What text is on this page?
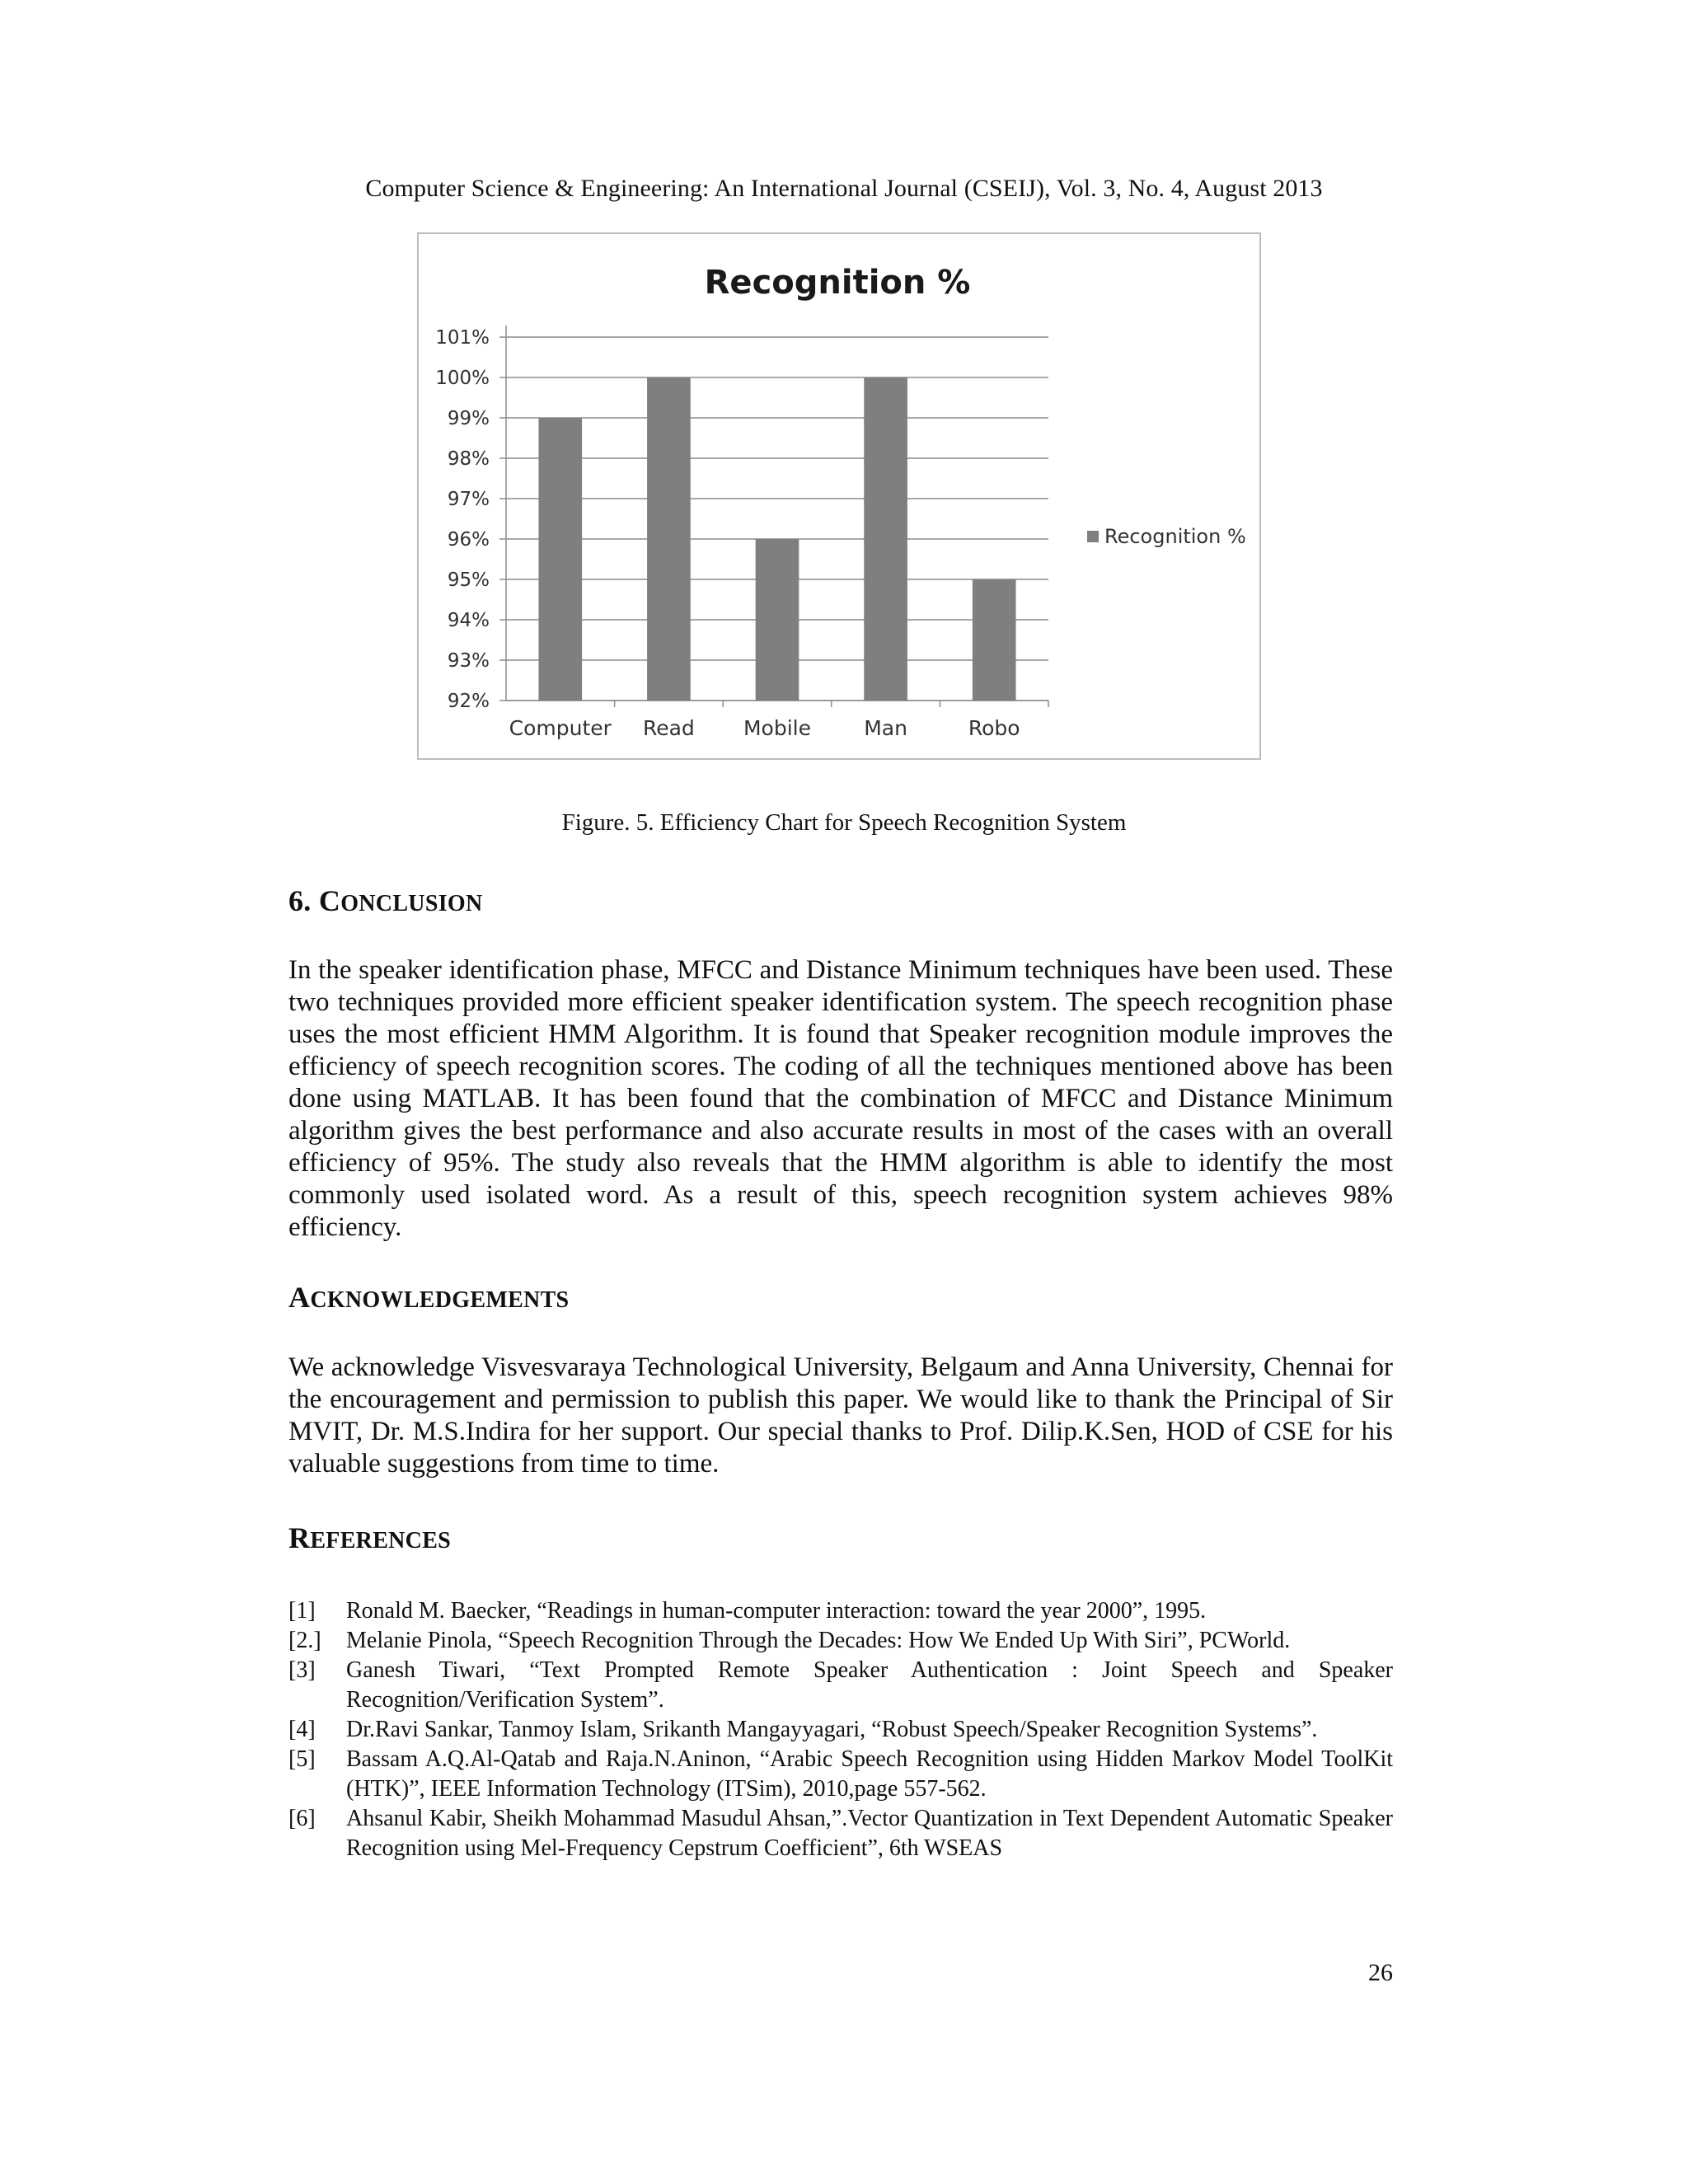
Computer Science & Engineering: An International Journal (CSEIJ), Vol. 3, No. 4, August 2013
Recognition %
92%
93%
94%
95%
96%
97%
98%
99%
100%
101%
Computer Read Mobile	Man	Robo
Recognition %
Figure. 5. Efficiency Chart for Speech Recognition System
6. CONCLUSION

In the speaker identification phase, MFCC and Distance Minimum techniques have been used. These two techniques provided more efficient speaker identification system. The speech recognition phase uses the most efficient HMM Algorithm. It is found that Speaker recognition module improves the efficiency of speech recognition scores. The coding of all the techniques mentioned above has been done using MATLAB. It has been found that the combination of MFCC and Distance Minimum algorithm gives the best performance and also accurate results in most of the cases with an overall efficiency of 95%. The study also reveals that the HMM algorithm is able to identify the most commonly used isolated word. As a result of this, speech recognition system achieves 98% efficiency.

ACKNOWLEDGEMENTS

We acknowledge Visvesvaraya Technological University, Belgaum and Anna University, Chennai for the encouragement and permission to publish this paper. We would like to thank the Principal of Sir MVIT, Dr. M.S.Indira for her support. Our special thanks to Prof. Dilip.K.Sen, HOD of CSE for his valuable suggestions from time to time.

REFERENCES
[1]	Ronald M. Baecker, “Readings in human-computer interaction: toward the year 2000”, 1995.
[2.]	Melanie Pinola, “Speech Recognition Through the Decades: How We Ended Up With Siri”, PCWorld.
[3]	Ganesh Tiwari, “Text Prompted Remote Speaker Authentication : Joint Speech and Speaker Recognition/Verification System”.
[4]	Dr.Ravi Sankar, Tanmoy Islam, Srikanth Mangayyagari, “Robust Speech/Speaker Recognition Systems”.
[5]	Bassam A.Q.Al-Qatab and Raja.N.Aninon, “Arabic Speech Recognition using Hidden Markov Model ToolKit (HTK)”, IEEE Information Technology (ITSim), 2010,page 557-562.
[6]	Ahsanul Kabir, Sheikh Mohammad Masudul Ahsan,”.Vector Quantization in Text Dependent Automatic Speaker Recognition using Mel-Frequency Cepstrum Coefficient”, 6th WSEAS
26
